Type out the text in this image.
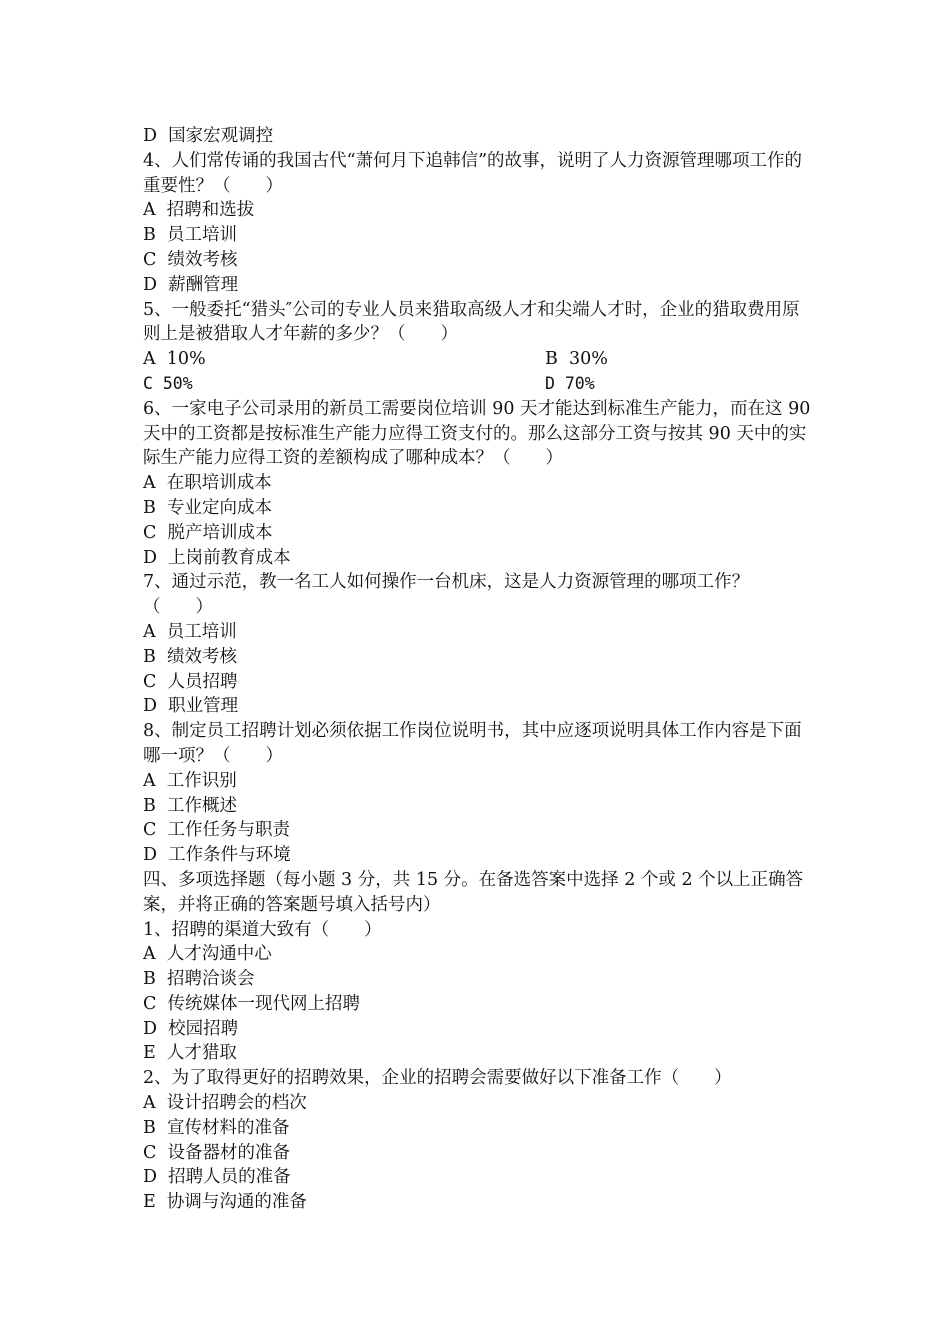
D  国家宏观调控
4、人们常传诵的我国古代“萧何月下追韩信”的故事，说明了人力资源管理哪项工作的重要性？（　　）
A  招聘和选拔
B  员工培训
C  绩效考核
D  薪酬管理
5、一般委托“猎头″公司的专业人员来猎取高级人才和尖端人才时，企业的猎取费用原则上是被猎取人才年薪的多少？（　　）
A  10%	B  30%
C 50%	D 70%
6、一家电子公司录用的新员工需要岗位培训 90 天才能达到标准生产能力，而在这 90 天中的工资都是按标准生产能力应得工资支付的。那么这部分工资与按其 90 天中的实际生产能力应得工资的差额构成了哪种成本？（　　）
A  在职培训成本
B  专业定向成本
C  脱产培训成本
D  上岗前教育成本
7、通过示范，教一名工人如何操作一台机床，这是人力资源管理的哪项工作？
（　　）
A  员工培训
B  绩效考核
C  人员招聘
D  职业管理
8、制定员工招聘计划必须依据工作岗位说明书，其中应逐项说明具体工作内容是下面哪一项？（　　）
A  工作识别
B  工作概述
C  工作任务与职责
D  工作条件与环境
四、多项选择题（每小题 3 分，共 15 分。在备选答案中选择 2 个或 2 个以上正确答案，并将正确的答案题号填入括号内）
1、招聘的渠道大致有（　　）
A  人才沟通中心
B  招聘洽谈会
C  传统媒体一现代网上招聘
D  校园招聘
E  人才猎取
2、为了取得更好的招聘效果，企业的招聘会需要做好以下准备工作（　　）
A  设计招聘会的档次
B  宣传材料的准备
C  设备器材的准备
D  招聘人员的准备
E  协调与沟通的准备
